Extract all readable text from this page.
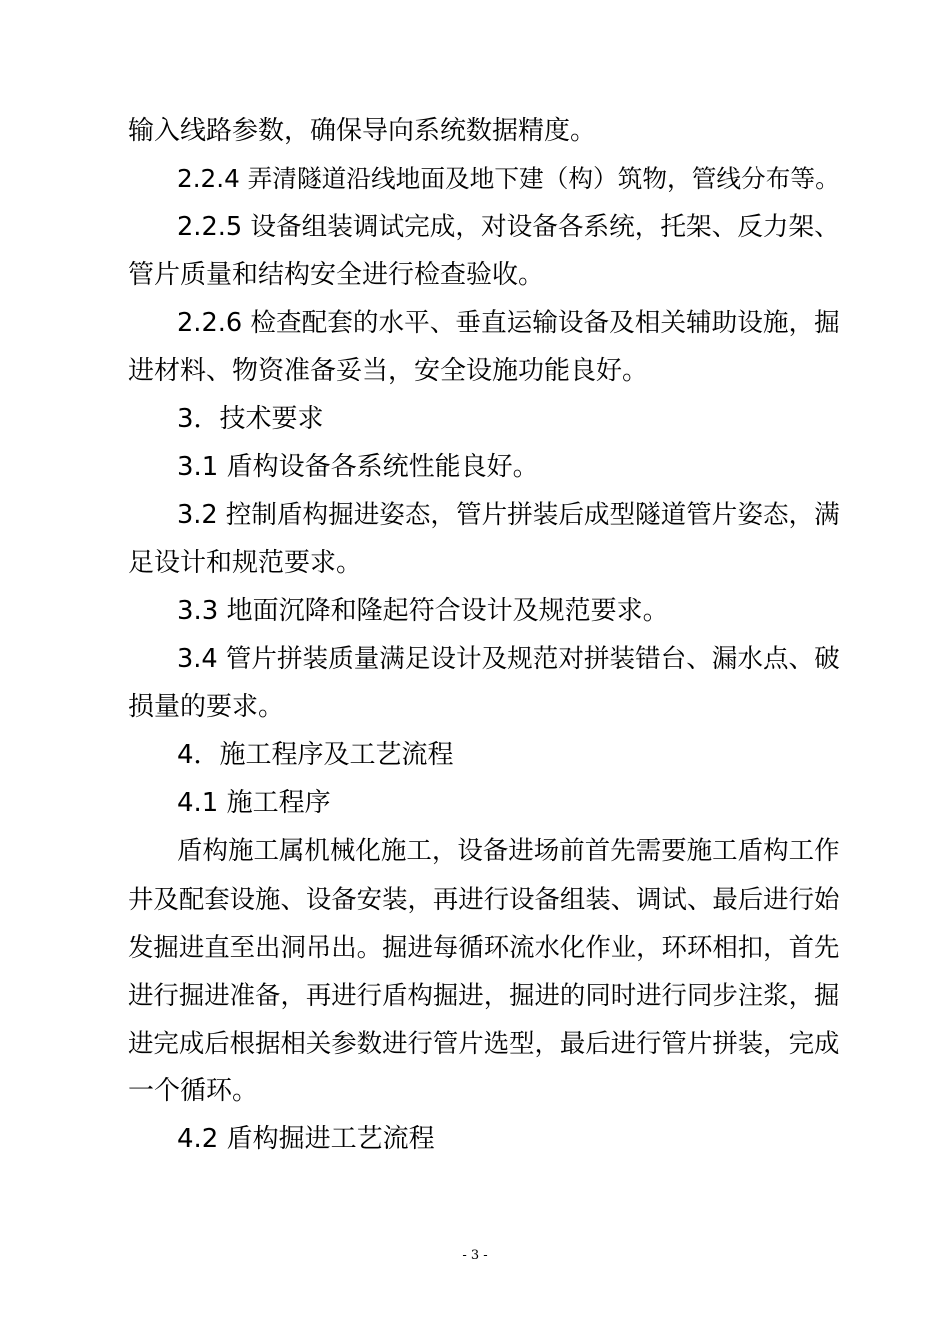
输入线路参数，确保导向系统数据精度。
2.2.4 弄清隧道沿线地面及地下建（构）筑物，管线分布等。
2.2.5 设备组装调试完成，对设备各系统，托架、反力架、
管片质量和结构安全进行检查验收。
2.2.6 检查配套的水平、垂直运输设备及相关辅助设施，掘
进材料、物资准备妥当，安全设施功能良好。
3．技术要求
3.1 盾构设备各系统性能良好。
3.2 控制盾构掘进姿态，管片拼装后成型隧道管片姿态，满
足设计和规范要求。
3.3 地面沉降和隆起符合设计及规范要求。
3.4 管片拼装质量满足设计及规范对拼装错台、漏水点、破
损量的要求。
4．施工程序及工艺流程
4.1 施工程序
盾构施工属机械化施工，设备进场前首先需要施工盾构工作
井及配套设施、设备安装，再进行设备组装、调试、最后进行始
发掘进直至出洞吊出。掘进每循环流水化作业，环环相扣，首先
进行掘进准备，再进行盾构掘进，掘进的同时进行同步注浆，掘
进完成后根据相关参数进行管片选型，最后进行管片拼装，完成
一个循环。
4.2 盾构掘进工艺流程
- 3 -
